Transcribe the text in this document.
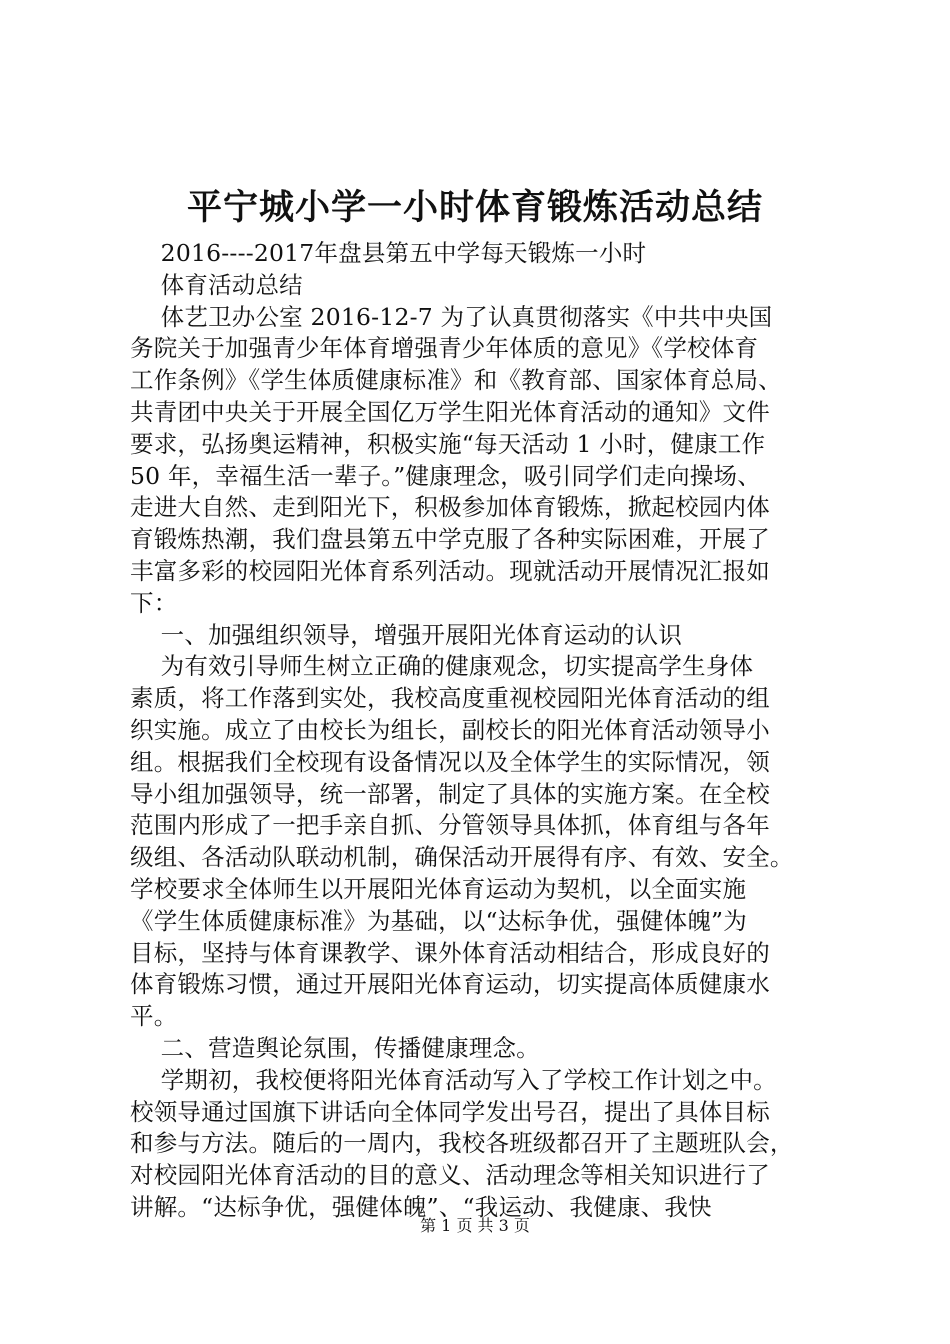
平宁城小学一小时体育锻炼活动总结
2016----2017年盘县第五中学每天锻炼一小时
体育活动总结
体艺卫办公室 2016-12-7 为了认真贯彻落实《中共中央国
务院关于加强青少年体育增强青少年体质的意见》《学校体育
工作条例》《学生体质健康标准》和《教育部、国家体育总局、
共青团中央关于开展全国亿万学生阳光体育活动的通知》文件
要求，弘扬奥运精神，积极实施“每天活动 1 小时，健康工作
50 年，幸福生活一辈子。”健康理念，吸引同学们走向操场、
走进大自然、走到阳光下，积极参加体育锻炼，掀起校园内体
育锻炼热潮，我们盘县第五中学克服了各种实际困难，开展了
丰富多彩的校园阳光体育系列活动。现就活动开展情况汇报如
下：
一、加强组织领导，增强开展阳光体育运动的认识
为有效引导师生树立正确的健康观念，切实提高学生身体
素质，将工作落到实处，我校高度重视校园阳光体育活动的组
织实施。成立了由校长为组长，副校长的阳光体育活动领导小
组。根据我们全校现有设备情况以及全体学生的实际情况，领
导小组加强领导，统一部署，制定了具体的实施方案。在全校
范围内形成了一把手亲自抓、分管领导具体抓，体育组与各年
级组、各活动队联动机制，确保活动开展得有序、有效、安全。
学校要求全体师生以开展阳光体育运动为契机，以全面实施
《学生体质健康标准》为基础，以“达标争优，强健体魄”为
目标，坚持与体育课教学、课外体育活动相结合，形成良好的
体育锻炼习惯，通过开展阳光体育运动，切实提高体质健康水
平。
二、营造舆论氛围，传播健康理念。
学期初，我校便将阳光体育活动写入了学校工作计划之中。
校领导通过国旗下讲话向全体同学发出号召，提出了具体目标
和参与方法。随后的一周内，我校各班级都召开了主题班队会，
对校园阳光体育活动的目的意义、活动理念等相关知识进行了
讲解。“达标争优，强健体魄”、“我运动、我健康、我快
第 1 页 共 3 页
